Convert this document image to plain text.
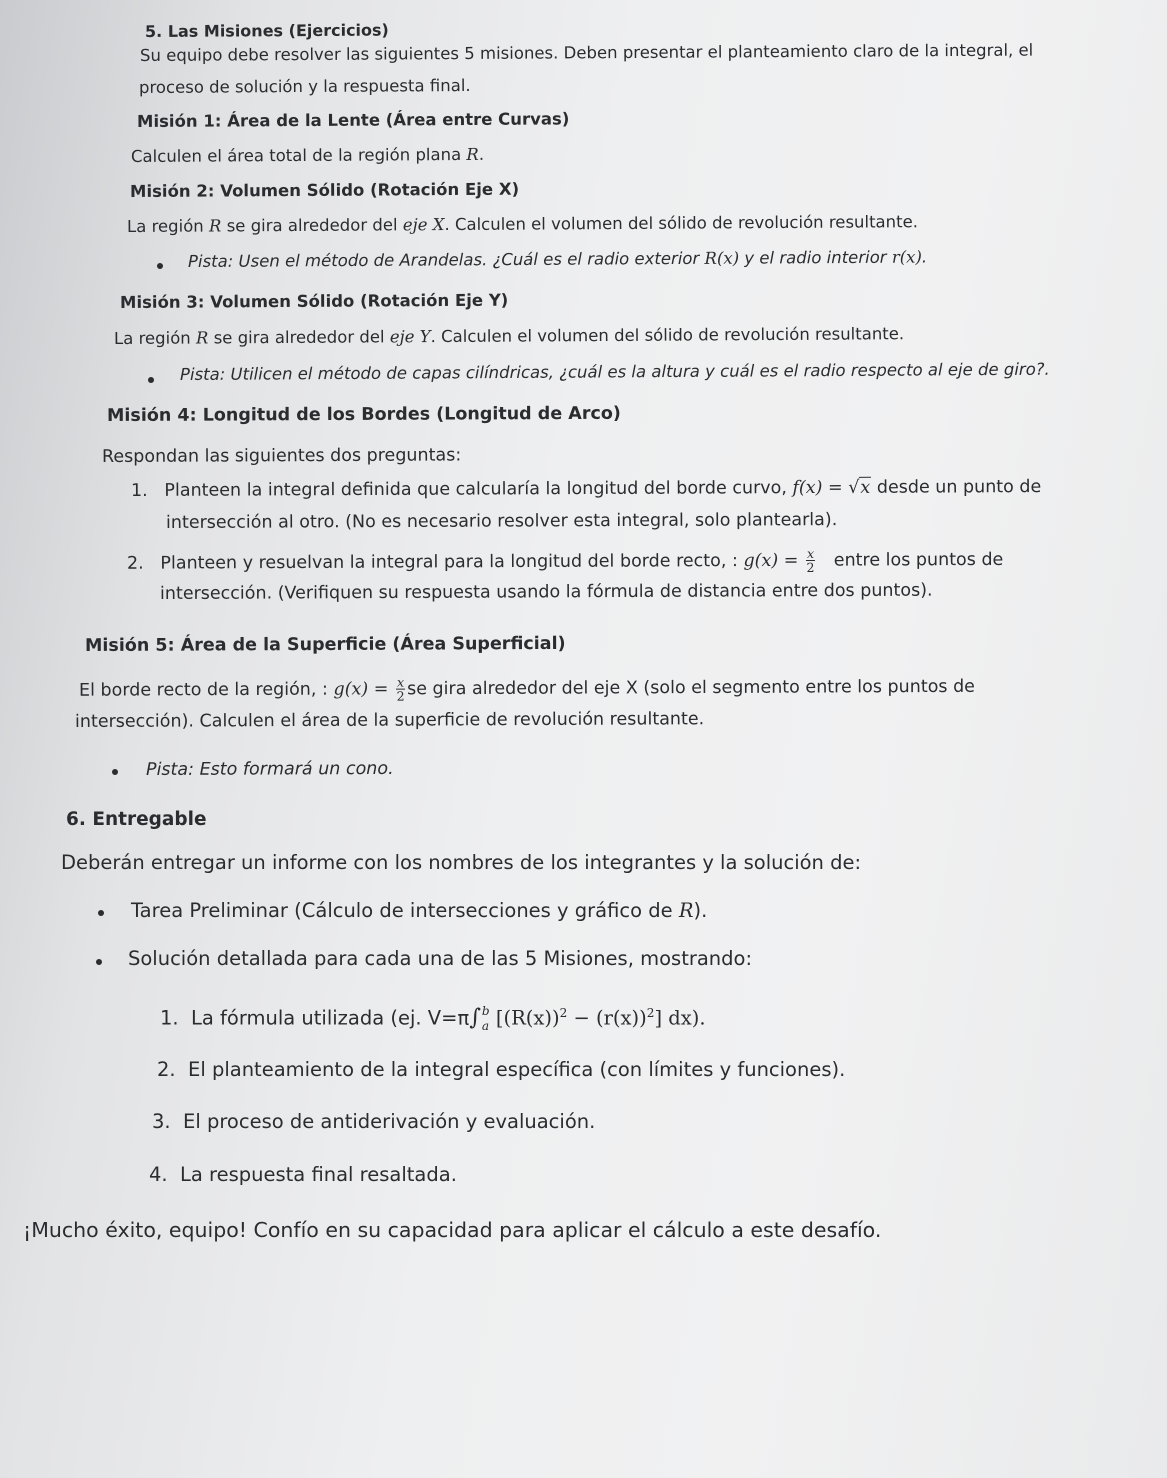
5. Las Misiones (Ejercicios)
Su equipo debe resolver las siguientes 5 misiones. Deben presentar el planteamiento claro de la integral, el
proceso de solución y la respuesta final.
Misión 1: Área de la Lente (Área entre Curvas)
Calculen el área total de la región plana R.
Misión 2: Volumen Sólido (Rotación Eje X)
La región R se gira alrededor del eje X. Calculen el volumen del sólido de revolución resultante.
Pista: Usen el método de Arandelas. ¿Cuál es el radio exterior R(x) y el radio interior r(x).
Misión 3: Volumen Sólido (Rotación Eje Y)
La región R se gira alrededor del eje Y. Calculen el volumen del sólido de revolución resultante.
Pista: Utilicen el método de capas cilíndricas, ¿cuál es la altura y cuál es el radio respecto al eje de giro?.
Misión 4: Longitud de los Bordes (Longitud de Arco)
Respondan las siguientes dos preguntas:
1. Planteen la integral definida que calcularía la longitud del borde curvo, f(x) = √x desde un punto de
intersección al otro. (No es necesario resolver esta integral, solo plantearla).
2. Planteen y resuelvan la integral para la longitud del borde recto, : $g(x) = \frac{x}{2}$ entre los puntos de
intersección. (Verifiquen su respuesta usando la fórmula de distancia entre dos puntos).
Misión 5: Área de la Superficie (Área Superficial)
El borde recto de la región, : $g(x) = \frac{x}{2}$ se gira alrededor del eje X (solo el segmento entre los puntos de
intersección). Calculen el área de la superficie de revolución resultante.
Pista: Esto formará un cono.
6. Entregable
Deberán entregar un informe con los nombres de los integrantes y la solución de:
Tarea Preliminar (Cálculo de intersecciones y gráfico de R).
Solución detallada para cada una de las 5 Misiones, mostrando:
1. La fórmula utilizada (ej. V=π∫ b
a $[(R(x))^2 - (r(x))^2]$ dx).
2. El planteamiento de la integral específica (con límites y funciones).
3. El proceso de antiderivación y evaluación.
4. La respuesta final resaltada.
¡Mucho éxito, equipo! Confío en su capacidad para aplicar el cálculo a este desafío.
